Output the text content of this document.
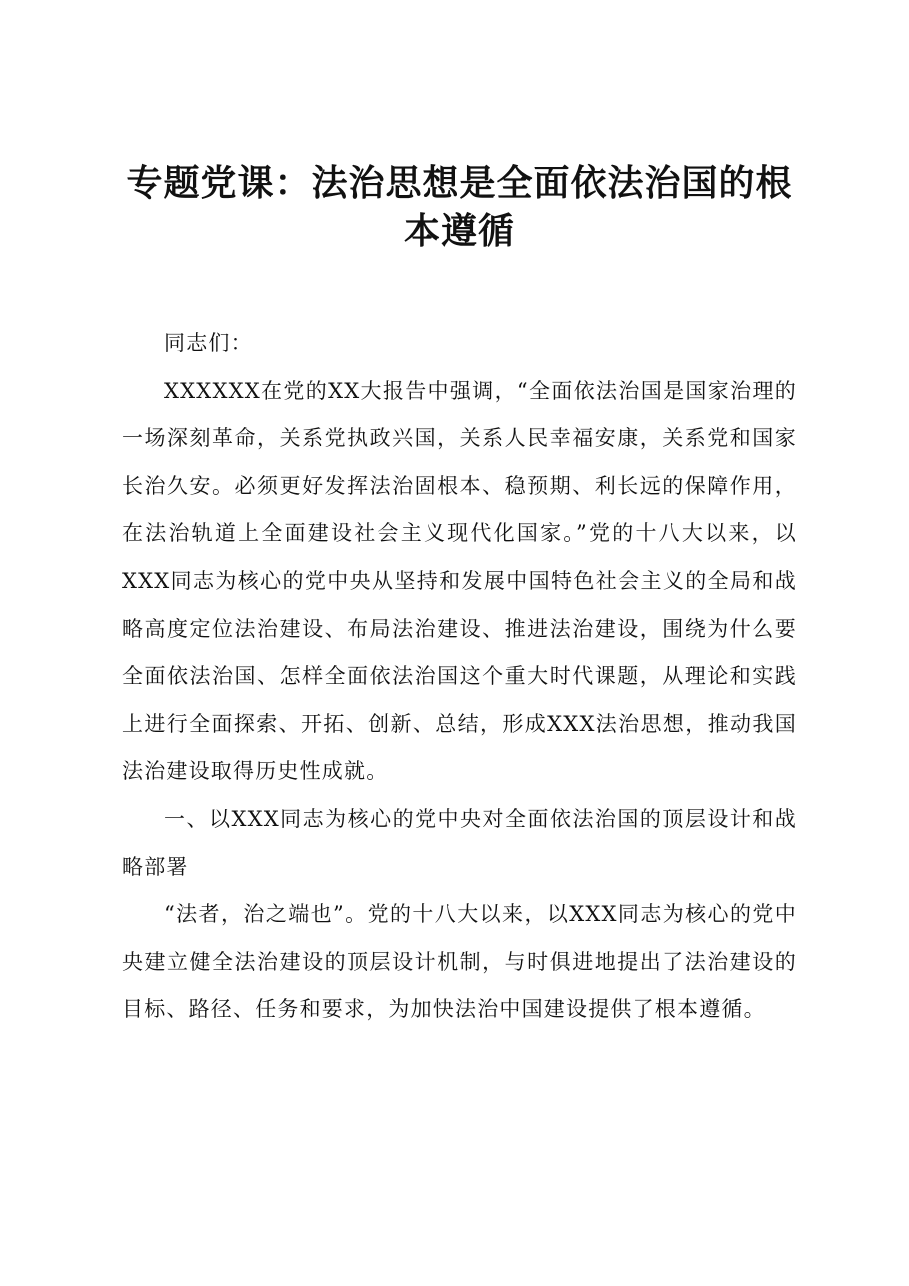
专题党课：法治思想是全面依法治国的根本遵循

同志们：

XXXXXX在党的XX大报告中强调，“全面依法治国是国家治理的一场深刻革命，关系党执政兴国，关系人民幸福安康，关系党和国家长治久安。必须更好发挥法治固根本、稳预期、利长远的保障作用，在法治轨道上全面建设社会主义现代化国家。”党的十八大以来，以XXX同志为核心的党中央从坚持和发展中国特色社会主义的全局和战略高度定位法治建设、布局法治建设、推进法治建设，围绕为什么要全面依法治国、怎样全面依法治国这个重大时代课题，从理论和实践上进行全面探索、开拓、创新、总结，形成XXX法治思想，推动我国法治建设取得历史性成就。

一、以XXX同志为核心的党中央对全面依法治国的顶层设计和战略部署

“法者，治之端也”。党的十八大以来，以XXX同志为核心的党中央建立健全法治建设的顶层设计机制，与时俱进地提出了法治建设的目标、路径、任务和要求，为加快法治中国建设提供了根本遵循。
